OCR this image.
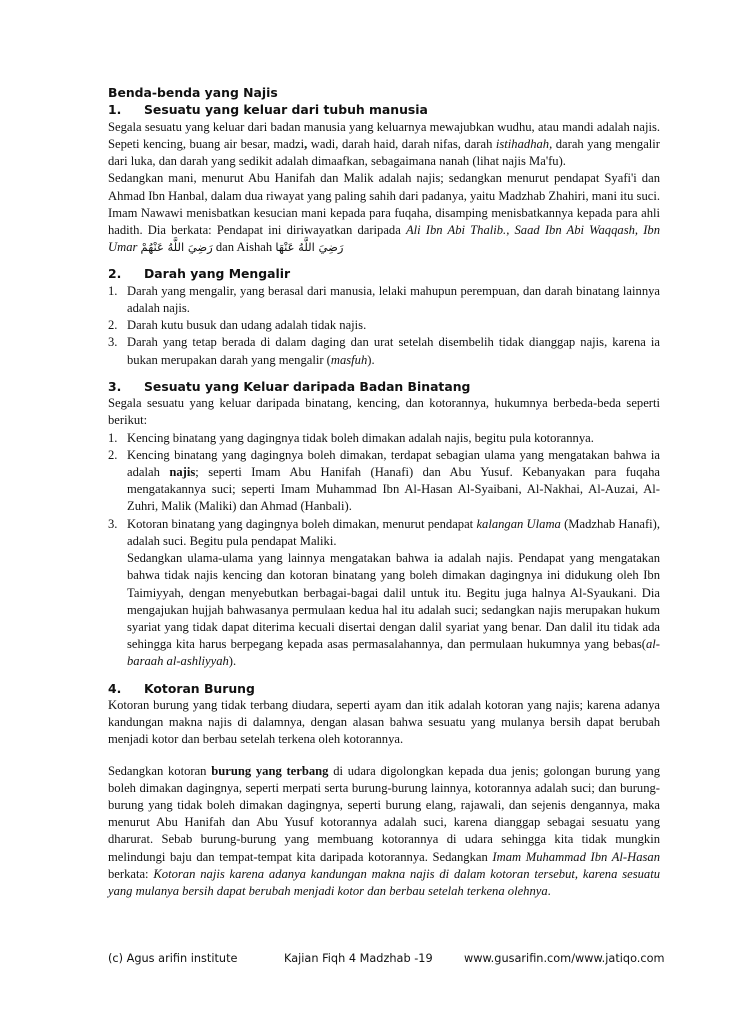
Benda-benda yang Najis
1.	Sesuatu yang keluar dari tubuh manusia

Segala sesuatu yang keluar dari badan manusia yang keluarnya mewajubkan wudhu, atau mandi adalah najis. Sepeti kencing, buang air besar, madzi, wadi, darah haid, darah nifas, darah istihadhah, darah yang mengalir dari luka, dan darah yang sedikit adalah dimaafkan, sebagaimana nanah (lihat najis Ma'fu).

Sedangkan mani, menurut Abu Hanifah dan Malik adalah najis; sedangkan menurut pendapat Syafi'i dan Ahmad Ibn Hanbal, dalam dua riwayat yang paling sahih dari padanya, yaitu Madzhab Zhahiri, mani itu suci. Imam Nawawi menisbatkan kesucian mani kepada para fuqaha, disamping menisbatkannya kepada para ahli hadith. Dia berkata: Pendapat ini diriwayatkan daripada Ali Ibn Abi Thalib., Saad Ibn Abi Waqqash, Ibn Umar رَضِيَ اللَّهُ عَنْهُمْ dan Aishah رَضِيَ اللَّهُ عَنْهَا

2.	Darah yang Mengalir
1. Darah yang mengalir, yang berasal dari manusia, lelaki mahupun perempuan, dan darah binatang lainnya adalah najis.
2. Darah kutu busuk dan udang adalah tidak najis.
3. Darah yang tetap berada di dalam daging dan urat setelah disembelih tidak dianggap najis, karena ia bukan merupakan darah yang mengalir (masfuh).
3.	Sesuatu yang Keluar daripada Badan Binatang

Segala sesuatu yang keluar daripada binatang, kencing, dan kotorannya, hukumnya berbeda-beda seperti berikut:

1. Kencing binatang yang dagingnya tidak boleh dimakan adalah najis, begitu pula kotorannya.
2. Kencing binatang yang dagingnya boleh dimakan, terdapat sebagian ulama yang mengatakan bahwa ia adalah najis; seperti Imam Abu Hanifah (Hanafi) dan Abu Yusuf. Kebanyakan para fuqaha mengatakannya suci; seperti Imam Muhammad Ibn Al-Hasan Al-Syaibani, Al-Nakhai, Al-Auzai, Al-Zuhri, Malik (Maliki) dan Ahmad (Hanbali).
3. Kotoran binatang yang dagingnya boleh dimakan, menurut pendapat kalangan Ulama (Madzhab Hanafi), adalah suci. Begitu pula pendapat Maliki.

Sedangkan ulama-ulama yang lainnya mengatakan bahwa ia adalah najis. Pendapat yang mengatakan bahwa tidak najis kencing dan kotoran binatang yang boleh dimakan dagingnya ini didukung oleh Ibn Taimiyyah, dengan menyebutkan berbagai-bagai dalil untuk itu. Begitu juga halnya Al-Syaukani. Dia mengajukan hujjah bahwasanya permulaan kedua hal itu adalah suci; sedangkan najis merupakan hukum syariat yang tidak dapat diterima kecuali disertai dengan dalil syariat yang benar. Dan dalil itu tidak ada sehingga kita harus berpegang kepada asas permasalahannya, dan permulaan hukumnya yang bebas(al-baraah al-ashliyyah).

4.	Kotoran Burung

Kotoran burung yang tidak terbang diudara, seperti ayam dan itik adalah kotoran yang najis; karena adanya kandungan makna najis di dalamnya, dengan alasan bahwa sesuatu yang mulanya bersih dapat berubah menjadi kotor dan berbau setelah terkena oleh kotorannya.

Sedangkan kotoran burung yang terbang di udara digolongkan kepada dua jenis; golongan burung yang boleh dimakan dagingnya, seperti merpati serta burung-burung lainnya, kotorannya adalah suci; dan burung-burung yang tidak boleh dimakan dagingnya, seperti burung elang, rajawali, dan sejenis dengannya, maka menurut Abu Hanifah dan Abu Yusuf kotorannya adalah suci, karena dianggap sebagai sesuatu yang dharurat. Sebab burung-burung yang membuang kotorannya di udara sehingga kita tidak mungkin melindungi baju dan tempat-tempat kita daripada kotorannya. Sedangkan Imam Muhammad Ibn Al-Hasan berkata: Kotoran najis karena adanya kandungan makna najis di dalam kotoran tersebut, karena sesuatu yang mulanya bersih dapat berubah menjadi kotor dan berbau setelah terkena olehnya.

(c) Agus arifin institute	Kajian Fiqh 4 Madzhab -19	www.gusarifin.com/www.jatiqo.com
